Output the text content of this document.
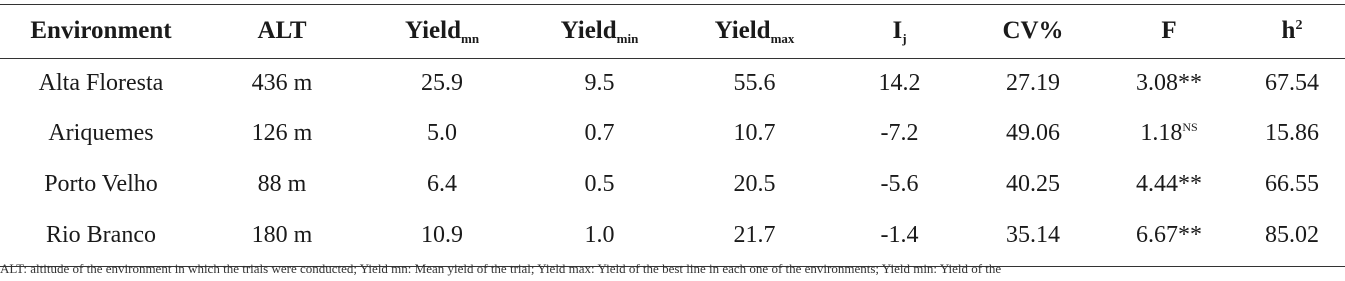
Environment	ALT	Yield$_{mn}$	Yield$_{min}$	Yield$_{max}$	$I_j$	CV%	F	$h^2$
Alta Floresta	436 m	25.9	9.5	55.6	14.2	27.19	3.08**	67.54
Ariquemes	126 m	5.0	0.7	10.7	-7.2	49.06	$1.18^{NS}$	15.86
Porto Velho	88 m	6.4	0.5	20.5	-5.6	40.25	4.44**	66.55
Rio Branco	180 m	10.9	1.0	21.7	-1.4	35.14	6.67**	85.02
ALT: altitude of the environment in which the trials were conducted; Yield mn: Mean yield of the trial; Yield max: Yield of the best line in each one of the environments; Yield min: Yield of the
